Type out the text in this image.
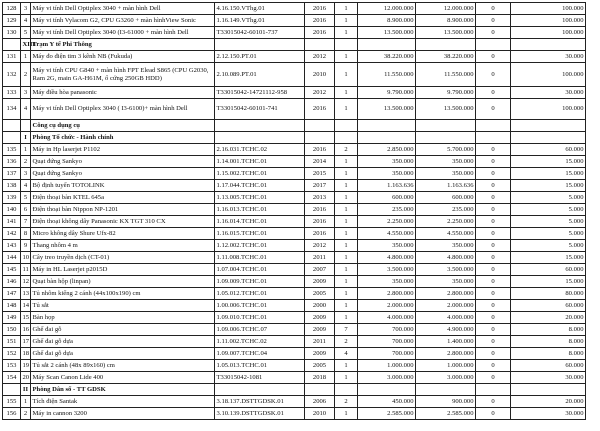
128	3	Máy vi tính Dell Optiplex 3040 + màn hình Dell	4.16.150.VThg.01	2016	1	12.000.000	12.000.000	0	100.000
129	4	Máy vi tính Vylacom G2, CPU G3260 + màn hìnhView Sonic	1.16.149.VThg.01	2016	1	8.900.000	8.900.000	0	100.000
130	5	Máy vi tính Dell Optiplex 3040 (I3-61000 + màn hình Dell	T33015042-60101-737	2016	1	13.500.000	13.500.000	0	100.000
	XIII	Trạm Y tế Phi Thông							
131	1	Máy đo điện tim 3 kênh NB (Fukuda)	2.12.150.PT.01	2012	1	38.220.000	38.220.000	0	30.000
132	2	Máy vi tính CPU G840 + màn hình FPT Elead S865 (CPU G2030, Ram 2G, main GA-H61M, ổ cứng 250GB HDD)	2.10.089.PT.01	2010	1	11.550.000	11.550.000	0	100.000
133	3	Máy điều hòa panasonic	T33015042-14721112-958	2012	1	9.790.000	9.790.000	0	30.000
134	4	Máy vi tính Dell Optiplex 3040 ( I3-6100)+ màn hình Dell	T33015042-60101-741	2016	1	13.500.000	13.500.000	0	100.000
		Công cụ dụng cụ							
	I	Phòng Tổ chức - Hành chính							
135	1	Máy in Hp laserjet P1102	2.16.031.TCHC.02	2016	2	2.850.000	5.700.000	0	60.000
136	2	Quạt đứng Sankyo	1.14.001.TCHC.01	2014	1	350.000	350.000	0	15.000
137	3	Quạt đứng Sankyo	1.15.002.TCHC.01	2015	1	350.000	350.000	0	15.000
138	4	Bộ định tuyến TOTOLINK	1.17.044.TCHC.01	2017	1	1.163.636	1.163.636	0	15.000
139	5	Điện thoại bàn KTEL 645a	1.13.005.TCHC.01	2013	1	600.000	600.000	0	5.000
140	6	Điện thoại bàn Nippon NP-1201	1.16.013.TCHC.01	2016	1	235.000	235.000	0	5.000
141	7	Điện thoại không dây Panasonic KX TGT 310 CX	1.16.014.TCHC.01	2016	1	2.250.000	2.250.000	0	5.000
142	8	Micro không dây Shure Ufx-82	1.16.015.TCHC.01	2016	1	4.550.000	4.550.000	0	5.000
143	9	Thang nhôm 4 m	1.12.002.TCHC.01	2012	1	350.000	350.000	0	5.000
144	10	Cây treo truyền dịch (CT-01)	1.11.008.TCHC.01	2011	1	4.800.000	4.800.000	0	15.000
145	11	Máy in HL Laserjet p2015D	1.07.004.TCHC.01	2007	1	3.500.000	3.500.000	0	60.000
146	12	Quạt bàn hộp (linpan)	1.09.009.TCHC.01	2009	1	350.000	350.000	0	15.000
147	13	Tủ nhôm kiếng 2 cánh (44x100x190) cm	1.05.012.TCHC.01	2005	1	2.800.000	2.800.000	0	80.000
148	14	Tủ sắt	1.00.006.TCHC.01	2000	1	2.000.000	2.000.000	0	60.000
149	15	Bàn họp	1.09.010.TCHC.01	2009	1	4.000.000	4.000.000	0	20.000
150	16	Ghế đai gỗ	1.09.006.TCHC.07	2009	7	700.000	4.900.000	0	8.000
151	17	Ghế đai gỗ dựa	1.11.002.TCHC.02	2011	2	700.000	1.400.000	0	8.000
152	18	Ghế đai gỗ dựa	1.09.007.TCHC.04	2009	4	700.000	2.800.000	0	8.000
153	19	Tủ sắt 2 cánh (48x 89x160) cm	1.05.013.TCHC.01	2005	1	1.000.000	1.000.000	0	60.000
154	20	Máy Scan Canon Lide 400	T33015042-1081	2018	1	3.000.000	3.000.000	0	30.000
	II	Phòng Dân số - TT GDSK							
155	1	Tích điện Santak	3.18.137.DSTTGDSK.01	2006	2	450.000	900.000	0	20.000
156	2	Máy in cannon 3200	3.10.139.DSTTGDSK.01	2010	1	2.585.000	2.585.000	0	30.000
